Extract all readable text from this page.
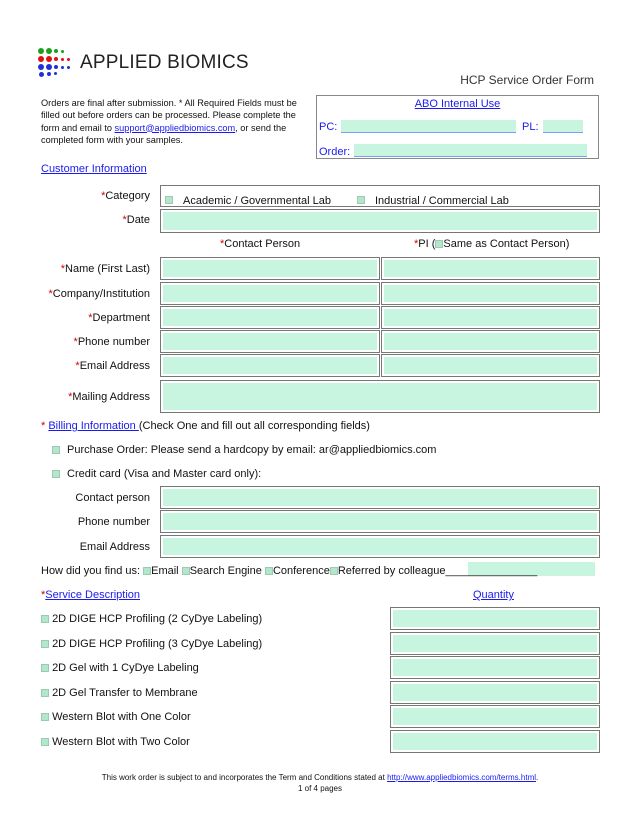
APPLIED BIOMICS
HCP Service Order Form
Orders are final after submission. * All Required Fields must be filled out before orders can be processed. Please complete the form and email to support@appliedbiomics.com, or send the completed form with your samples.
ABO Internal Use
PC:	PL:
Order:
Customer Information
*Category	Academic / Governmental Lab	Industrial / Commercial Lab
*Date
*Contact Person	*PI ( Same as Contact Person)
*Name (First Last)
*Company/Institution
*Department
*Phone number
*Email Address
*Mailing Address
* Billing Information (Check One and fill out all corresponding fields)
Purchase Order: Please send a hardcopy by email: ar@appliedbiomics.com
Credit card (Visa and Master card only):
Contact person
Phone number
Email Address
How did you find us: Email Search Engine Conference Referred by colleague_______________
*Service Description	Quantity
2D DIGE HCP Profiling (2 CyDye Labeling)
2D DIGE HCP Profiling (3 CyDye Labeling)
2D Gel with 1 CyDye Labeling
2D Gel Transfer to Membrane
Western Blot with One Color
Western Blot with Two Color
This work order is subject to and incorporates the Term and Conditions stated at http://www.appliedbiomics.com/terms.html.
1 of 4 pages
